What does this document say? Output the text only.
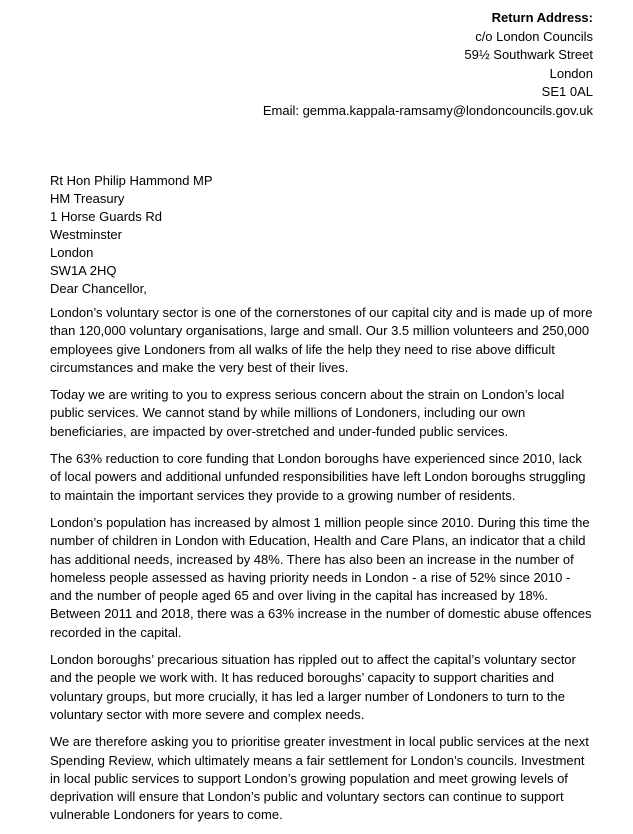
Return Address:
c/o London Councils
59½ Southwark Street
London
SE1 0AL
Email: gemma.kappala-ramsamy@londoncouncils.gov.uk
Rt Hon Philip Hammond MP
HM Treasury
1 Horse Guards Rd
Westminster
London
SW1A 2HQ
Dear Chancellor,

London’s voluntary sector is one of the cornerstones of our capital city and is made up of more than 120,000 voluntary organisations, large and small. Our 3.5 million volunteers and 250,000 employees give Londoners from all walks of life the help they need to rise above difficult circumstances and make the very best of their lives.

Today we are writing to you to express serious concern about the strain on London’s local public services. We cannot stand by while millions of Londoners, including our own beneficiaries, are impacted by over-stretched and under-funded public services.

The 63% reduction to core funding that London boroughs have experienced since 2010, lack of local powers and additional unfunded responsibilities have left London boroughs struggling to maintain the important services they provide to a growing number of residents.

London’s population has increased by almost 1 million people since 2010. During this time the number of children in London with Education, Health and Care Plans, an indicator that a child has additional needs, increased by 48%. There has also been an increase in the number of homeless people assessed as having priority needs in London - a rise of 52% since 2010 - and the number of people aged 65 and over living in the capital has increased by 18%. Between 2011 and 2018, there was a 63% increase in the number of domestic abuse offences recorded in the capital.

London boroughs’ precarious situation has rippled out to affect the capital’s voluntary sector and the people we work with. It has reduced boroughs’ capacity to support charities and voluntary groups, but more crucially, it has led a larger number of Londoners to turn to the voluntary sector with more severe and complex needs.

We are therefore asking you to prioritise greater investment in local public services at the next Spending Review, which ultimately means a fair settlement for London’s councils. Investment in local public services to support London’s growing population and meet growing levels of deprivation will ensure that London’s public and voluntary sectors can continue to support vulnerable Londoners for years to come.
